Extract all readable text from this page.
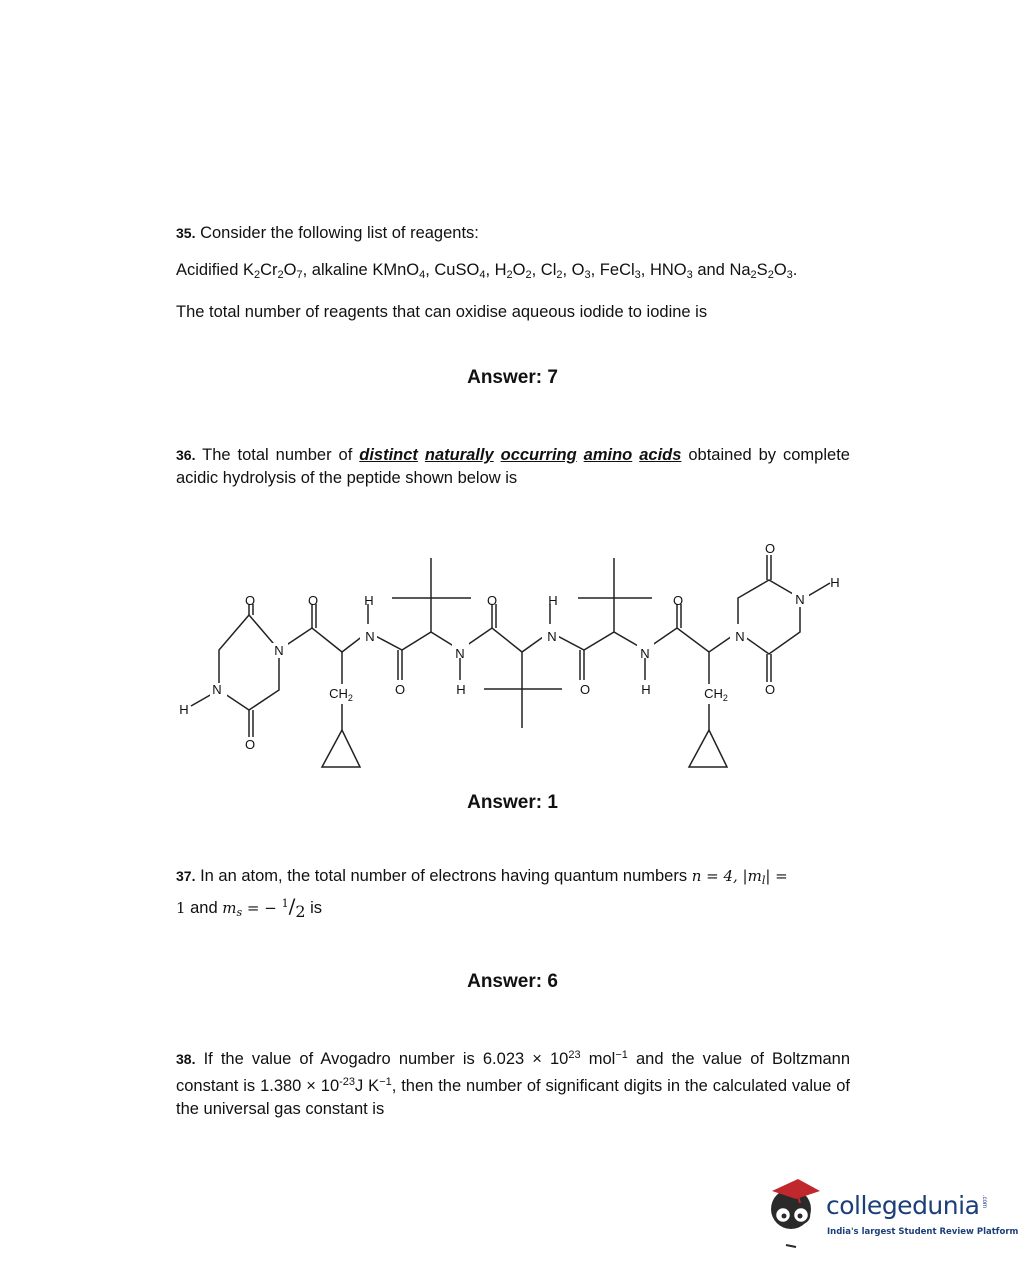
35. Consider the following list of reagents:
Acidified $K_2Cr_2O_7$, alkaline KMnO$_4$, CuSO$_4$, $H_2O_2$, $Cl_2$, $O_3$, FeCl$_3$, $HNO_3$ and $Na_2S_2O_3$.
The total number of reagents that can oxidise aqueous iodide to iodine is
Answer: 7
36. The total number of distinct naturally occurring amino acids obtained by complete acidic hydrolysis of the peptide shown below is
N
N
H
O
O
O
N
H
O
N
H
O
N
H
O
N
H
O
N
N
H
O
O
$CH_2$	$CH_2$
Answer: 1
37. In an atom, the total number of electrons having quantum numbers n = 4, $|m_l|$ =
1 and $m_s$ = − $^1/_2$ is
Answer: 6
38. If the value of Avogadro number is $6.023 \times 10^{23}$ mol$^{-1}$ and the value of Boltzmann constant is $1.380 \times 10^{-23}J$ $K^{-1}$, then the number of significant digits in the calculated value of the universal gas constant is
collegedunia .com
India's largest Student Review Platform
